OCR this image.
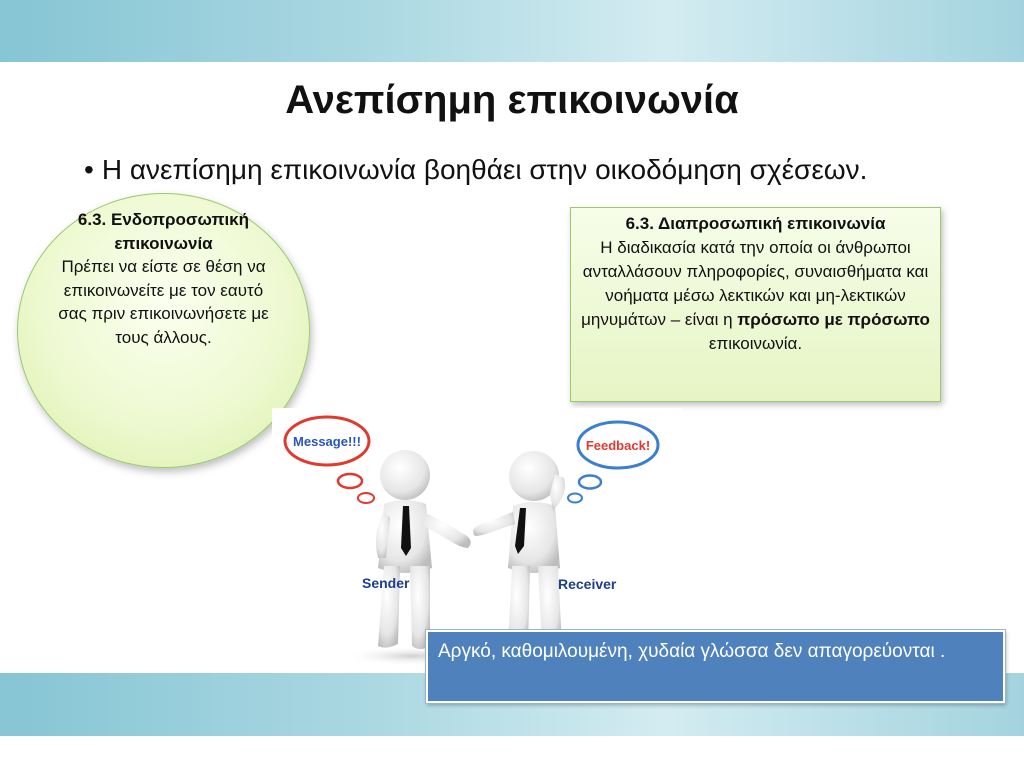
Ανεπίσημη επικοινωνία
• Η ανεπίσημη επικοινωνία βοηθάει στην οικοδόμηση σχέσεων.
6.3. Ενδοπροσωπική επικοινωνία
Πρέπει να είστε σε θέση να επικοινωνείτε με τον εαυτό σας πριν επικοινωνήσετε με τους άλλους.
6.3. Διαπροσωπική επικοινωνία
Η διαδικασία κατά την οποία οι άνθρωποι ανταλλάσουν πληροφορίες, συναισθήματα και νοήματα μέσω λεκτικών και μη-λεκτικών μηνυμάτων – είναι η πρόσωπο με πρόσωπο επικοινωνία.
Message!!!	Feedback!
Sender	Receiver
Αργκό, καθομιλουμένη, χυδαία γλώσσα δεν απαγορεύονται .
